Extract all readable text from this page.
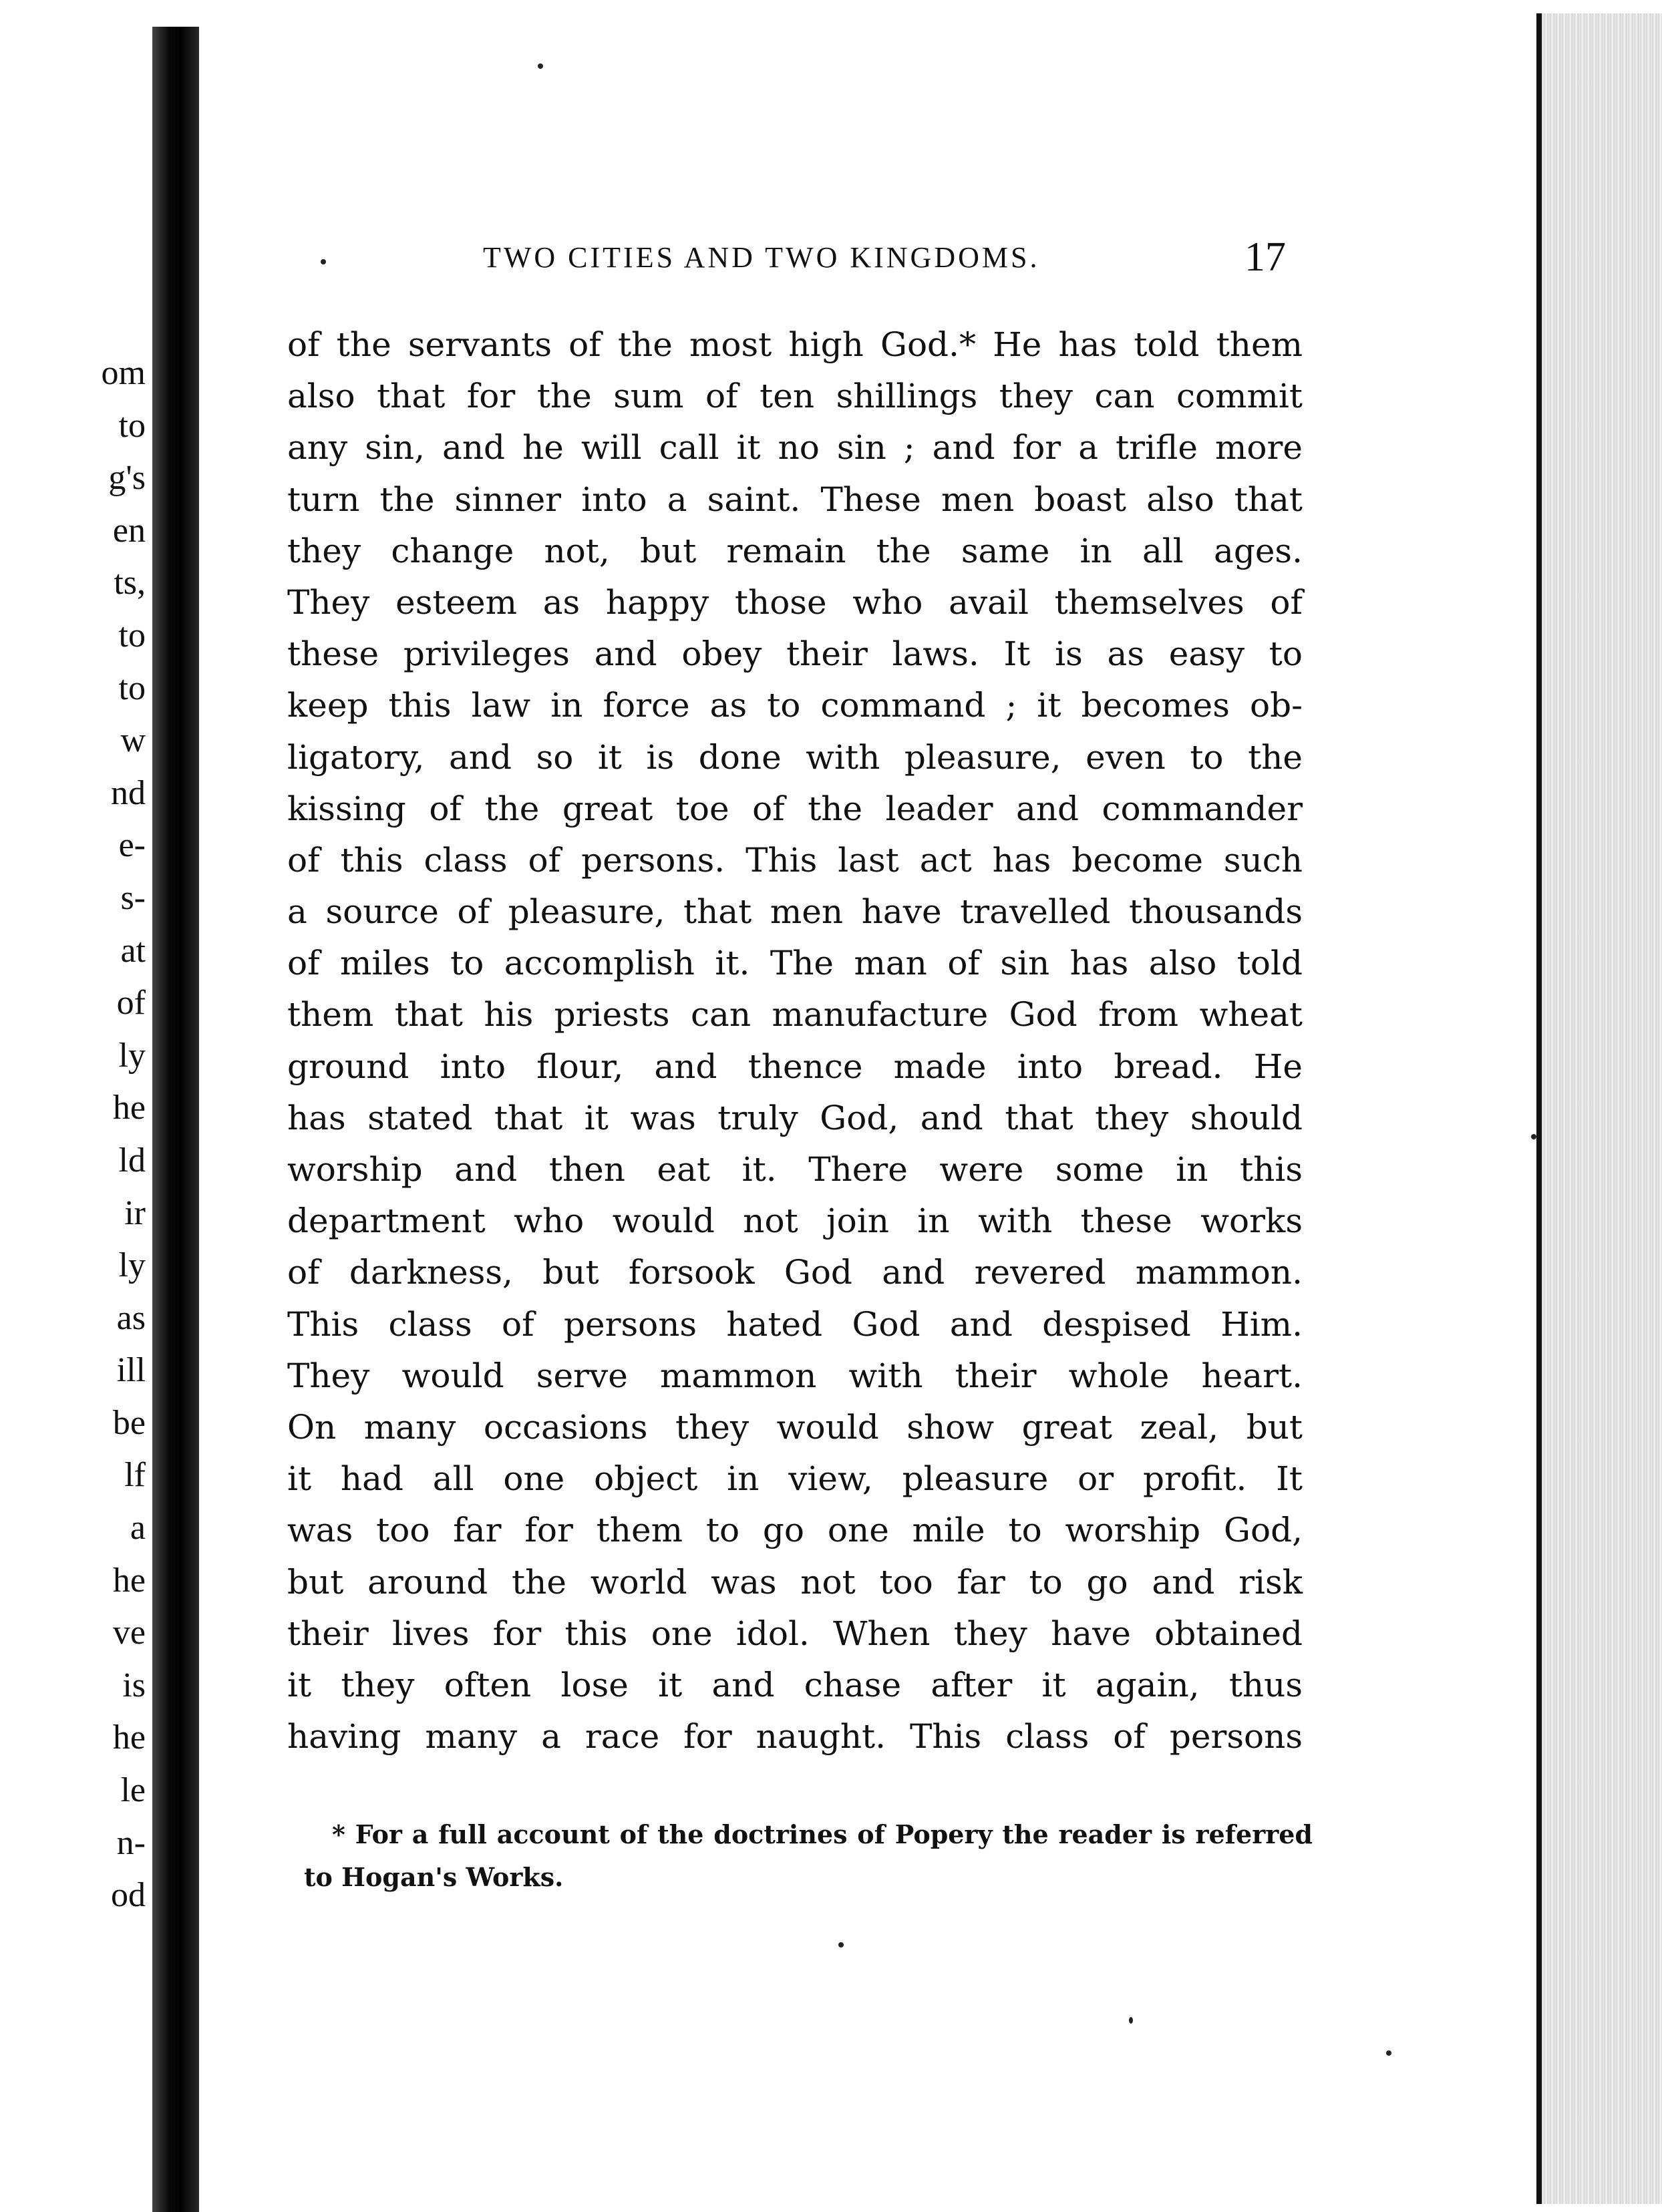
om
to
g's
en
ts,
to
to
w
nd
e-
s-
at
of
ly
he
ld
ir
ly
as
ill
be
lf
a
he
ve
is
he
le
n-
od
TWO CITIES AND TWO KINGDOMS.	17
of the servants of the most high God.* He has told them
also that for the sum of ten shillings they can commit
any sin, and he will call it no sin ; and for a trifle more
turn the sinner into a saint. These men boast also that
they change not, but remain the same in all ages.
They esteem as happy those who avail themselves of
these privileges and obey their laws. It is as easy to
keep this law in force as to command ; it becomes ob-
ligatory, and so it is done with pleasure, even to the
kissing of the great toe of the leader and commander
of this class of persons. This last act has become such
a source of pleasure, that men have travelled thousands
of miles to accomplish it. The man of sin has also told
them that his priests can manufacture God from wheat
ground into flour, and thence made into bread. He
has stated that it was truly God, and that they should
worship and then eat it. There were some in this
department who would not join in with these works
of darkness, but forsook God and revered mammon.
This class of persons hated God and despised Him.
They would serve mammon with their whole heart.
On many occasions they would show great zeal, but
it had all one object in view, pleasure or profit. It
was too far for them to go one mile to worship God,
but around the world was not too far to go and risk
their lives for this one idol. When they have obtained
it they often lose it and chase after it again, thus
having many a race for naught. This class of persons
* For a full account of the doctrines of Popery the reader is referred
to Hogan's Works.
